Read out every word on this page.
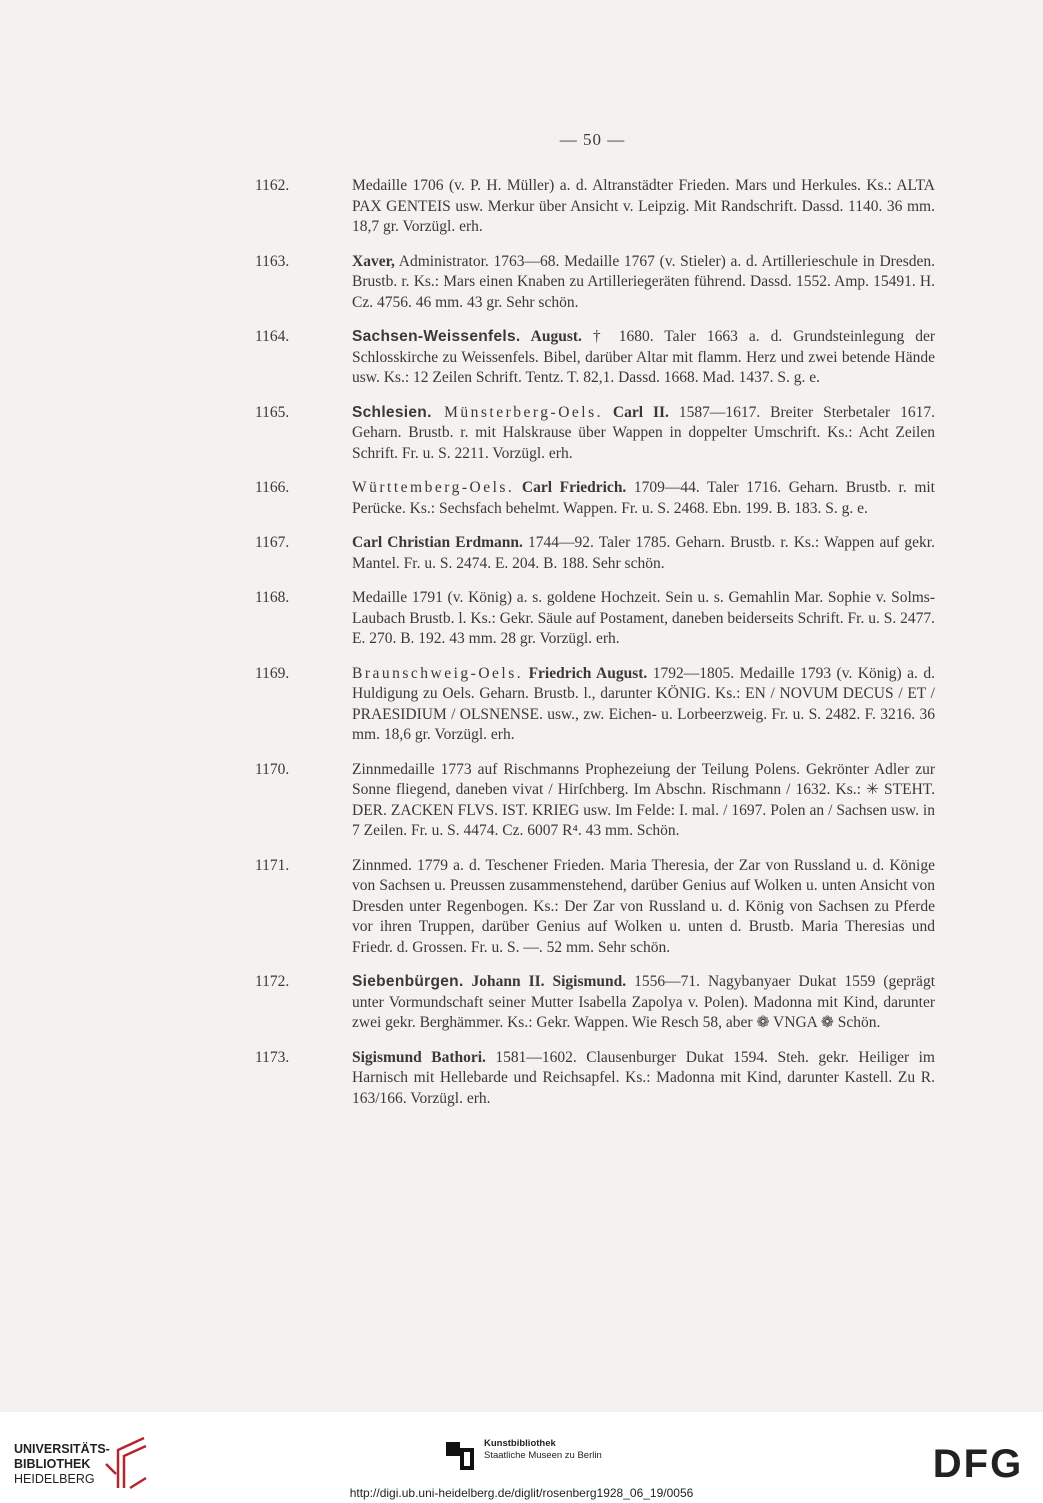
— 50 —
1162.	Medaille 1706 (v. P. H. Müller) a. d. Altranstädter Frieden. Mars und Herkules. Ks.: ALTA PAX GENTEIS usw. Merkur über Ansicht v. Leipzig. Mit Randschrift. Dassd. 1140. 36 mm. 18,7 gr. Vorzügl. erh.
1163.	Xaver, Administrator. 1763—68. Medaille 1767 (v. Stieler) a. d. Artillerieschule in Dresden. Brustb. r. Ks.: Mars einen Knaben zu Artilleriegeräten führend. Dassd. 1552. Amp. 15491. H. Cz. 4756. 46 mm. 43 gr. Sehr schön.
1164.	Sachsen-Weissenfels. August. † 1680. Taler 1663 a. d. Grundsteinlegung der Schlosskirche zu Weissenfels. Bibel, darüber Altar mit flamm. Herz und zwei betende Hände usw. Ks.: 12 Zeilen Schrift. Tentz. T. 82,1. Dassd. 1668. Mad. 1437. S. g. e.
1165.	Schlesien. Münsterberg-Oels. Carl II. 1587—1617. Breiter Sterbetaler 1617. Geharn. Brustb. r. mit Halskrause über Wappen in doppelter Umschrift. Ks.: Acht Zeilen Schrift. Fr. u. S. 2211. Vorzügl. erh.
1166.	Württemberg-Oels. Carl Friedrich. 1709—44. Taler 1716. Geharn. Brustb. r. mit Perücke. Ks.: Sechsfach behelmt. Wappen. Fr. u. S. 2468. Ebn. 199. B. 183. S. g. e.
1167.	Carl Christian Erdmann. 1744—92. Taler 1785. Geharn. Brustb. r. Ks.: Wappen auf gekr. Mantel. Fr. u. S. 2474. E. 204. B. 188. Sehr schön.
1168.	Medaille 1791 (v. König) a. s. goldene Hochzeit. Sein u. s. Gemahlin Mar. Sophie v. Solms-Laubach Brustb. l. Ks.: Gekr. Säule auf Postament, daneben beiderseits Schrift. Fr. u. S. 2477. E. 270. B. 192. 43 mm. 28 gr. Vorzügl. erh.
1169.	Braunschweig-Oels. Friedrich August. 1792—1805. Medaille 1793 (v. König) a. d. Huldigung zu Oels. Geharn. Brustb. l., darunter KÖNIG. Ks.: EN / NOVUM DECUS / ET / PRAESIDIUM / OLSNENSE. usw., zw. Eichen- u. Lorbeerzweig. Fr. u. S. 2482. F. 3216. 36 mm. 18,6 gr. Vorzügl. erh.
1170.	Zinnmedaille 1773 auf Rischmanns Prophezeiung der Teilung Polens. Gekrönter Adler zur Sonne fliegend, daneben vivat / Hirſchberg. Im Abschn. Rischmann / 1632. Ks.: ✳ STEHT. DER. ZACKEN FLVS. IST. KRIEG usw. Im Felde: I. mal. / 1697. Polen an / Sachsen usw. in 7 Zeilen. Fr. u. S. 4474. Cz. 6007 R⁴. 43 mm. Schön.
1171.	Zinnmed. 1779 a. d. Teschener Frieden. Maria Theresia, der Zar von Russland u. d. Könige von Sachsen u. Preussen zusammenstehend, darüber Genius auf Wolken u. unten Ansicht von Dresden unter Regenbogen. Ks.: Der Zar von Russland u. d. König von Sachsen zu Pferde vor ihren Truppen, darüber Genius auf Wolken u. unten d. Brustb. Maria Theresias und Friedr. d. Grossen. Fr. u. S. —. 52 mm. Sehr schön.
1172.	Siebenbürgen. Johann II. Sigismund. 1556—71. Nagybanyaer Dukat 1559 (geprägt unter Vormundschaft seiner Mutter Isabella Zapolya v. Polen). Madonna mit Kind, darunter zwei gekr. Berghämmer. Ks.: Gekr. Wappen. Wie Resch 58, aber ❁ VNGA ❁ Schön.
1173.	Sigismund Bathori. 1581—1602. Clausenburger Dukat 1594. Steh. gekr. Heiliger im Harnisch mit Hellebarde und Reichsapfel. Ks.: Madonna mit Kind, darunter Kastell. Zu R. 163/166. Vorzügl. erh.
UNIVERSITÄTS-
BIBLIOTHEK
HEIDELBERG
Kunstbibliothek
Staatliche Museen zu Berlin	DFG
http://digi.ub.uni-heidelberg.de/diglit/rosenberg1928_06_19/0056
